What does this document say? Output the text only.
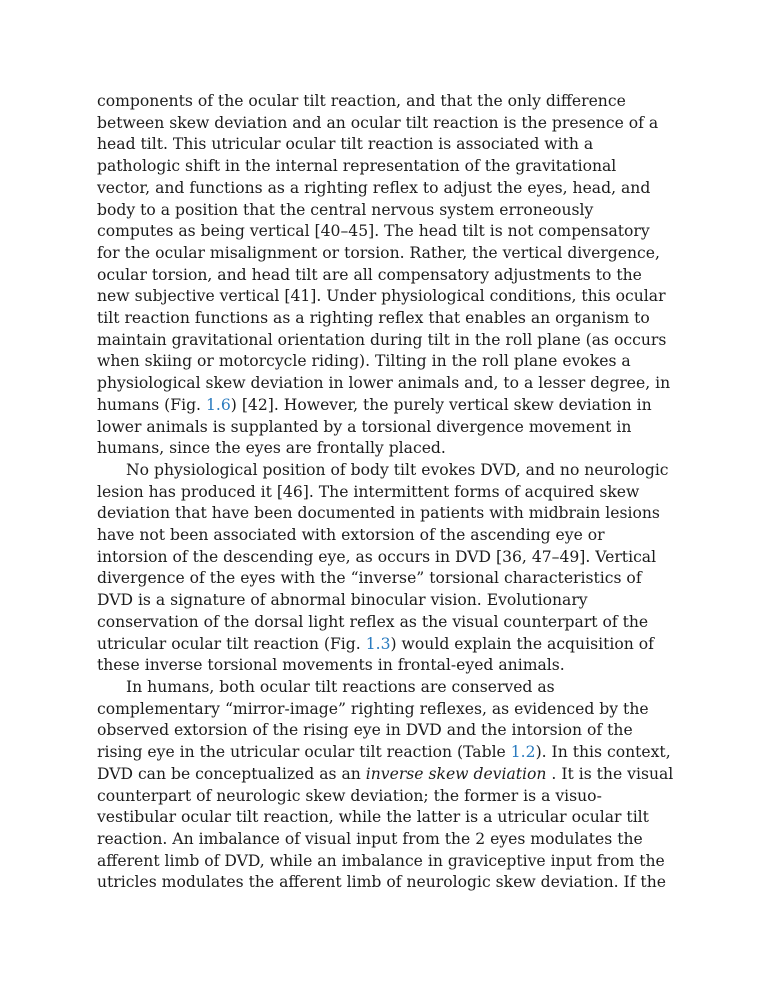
components of the ocular tilt reaction, and that the only difference
between skew deviation and an ocular tilt reaction is the presence of a
head tilt. This utricular ocular tilt reaction is associated with a
pathologic shift in the internal representation of the gravitational
vector, and functions as a righting reflex to adjust the eyes, head, and
body to a position that the central nervous system erroneously
computes as being vertical [40–45]. The head tilt is not compensatory
for the ocular misalignment or torsion. Rather, the vertical divergence,
ocular torsion, and head tilt are all compensatory adjustments to the
new subjective vertical [41]. Under physiological conditions, this ocular
tilt reaction functions as a righting reflex that enables an organism to
maintain gravitational orientation during tilt in the roll plane (as occurs
when skiing or motorcycle riding). Tilting in the roll plane evokes a
physiological skew deviation in lower animals and, to a lesser degree, in
humans (Fig. 1.6) [42]. However, the purely vertical skew deviation in
lower animals is supplanted by a torsional divergence movement in
humans, since the eyes are frontally placed.
No physiological position of body tilt evokes DVD, and no neurologic
lesion has produced it [46]. The intermittent forms of acquired skew
deviation that have been documented in patients with midbrain lesions
have not been associated with extorsion of the ascending eye or
intorsion of the descending eye, as occurs in DVD [36, 47–49]. Vertical
divergence of the eyes with the “inverse” torsional characteristics of
DVD is a signature of abnormal binocular vision. Evolutionary
conservation of the dorsal light reflex as the visual counterpart of the
utricular ocular tilt reaction (Fig. 1.3) would explain the acquisition of
these inverse torsional movements in frontal-eyed animals.
In humans, both ocular tilt reactions are conserved as
complementary “mirror-image” righting reflexes, as evidenced by the
observed extorsion of the rising eye in DVD and the intorsion of the
rising eye in the utricular ocular tilt reaction (Table 1.2). In this context,
DVD can be conceptualized as an inverse skew deviation . It is the visual
counterpart of neurologic skew deviation; the former is a visuo-
vestibular ocular tilt reaction, while the latter is a utricular ocular tilt
reaction. An imbalance of visual input from the 2 eyes modulates the
afferent limb of DVD, while an imbalance in graviceptive input from the
utricles modulates the afferent limb of neurologic skew deviation. If the
